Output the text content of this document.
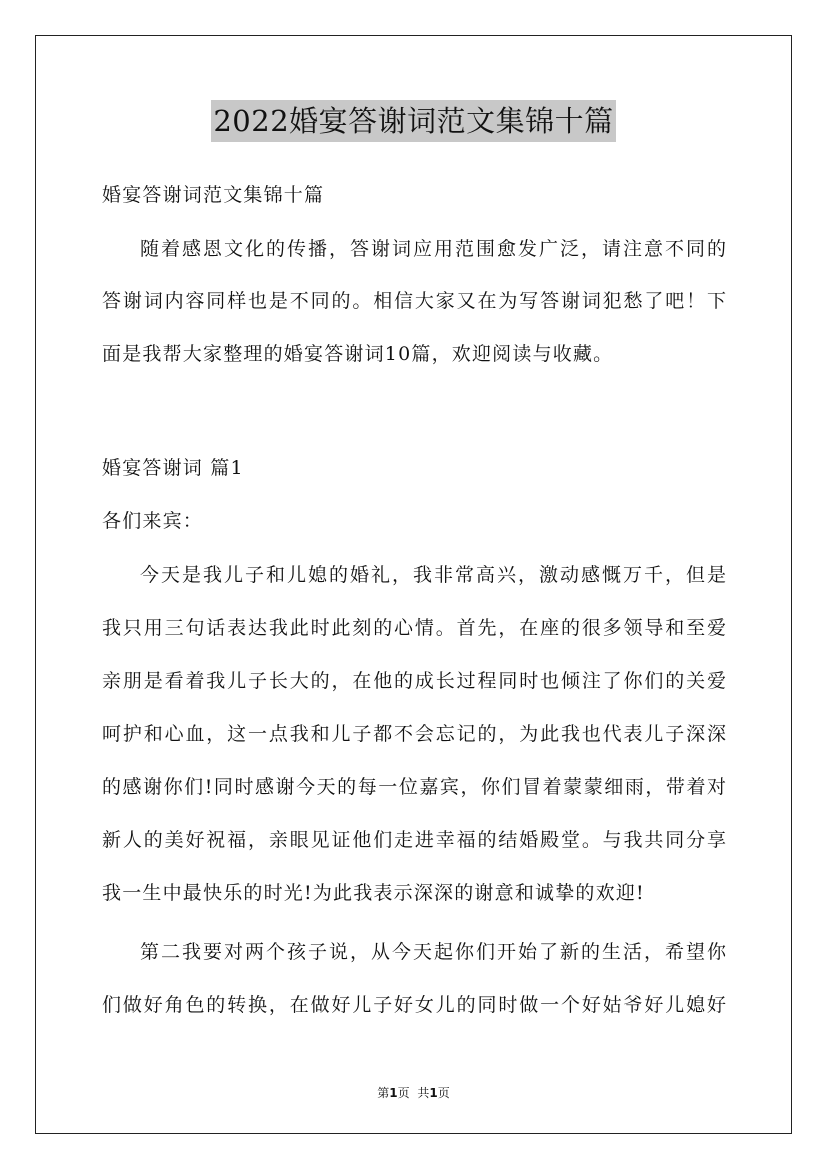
2022婚宴答谢词范文集锦十篇
婚宴答谢词范文集锦十篇
随着感恩文化的传播，答谢词应用范围愈发广泛，请注意不同的
答谢词内容同样也是不同的。相信大家又在为写答谢词犯愁了吧！下
面是我帮大家整理的婚宴答谢词10篇，欢迎阅读与收藏。
婚宴答谢词 篇1
各们来宾：
今天是我儿子和儿媳的婚礼，我非常高兴，激动感慨万千，但是
我只用三句话表达我此时此刻的心情。首先，在座的很多领导和至爱
亲朋是看着我儿子长大的，在他的成长过程同时也倾注了你们的关爱
呵护和心血，这一点我和儿子都不会忘记的，为此我也代表儿子深深
的感谢你们!同时感谢今天的每一位嘉宾，你们冒着蒙蒙细雨，带着对
新人的美好祝福，亲眼见证他们走进幸福的结婚殿堂。与我共同分享
我一生中最快乐的时光!为此我表示深深的谢意和诚挚的欢迎!
第二我要对两个孩子说，从今天起你们开始了新的生活，希望你
们做好角色的转换，在做好儿子好女儿的同时做一个好姑爷好儿媳好
第1页 共1页
